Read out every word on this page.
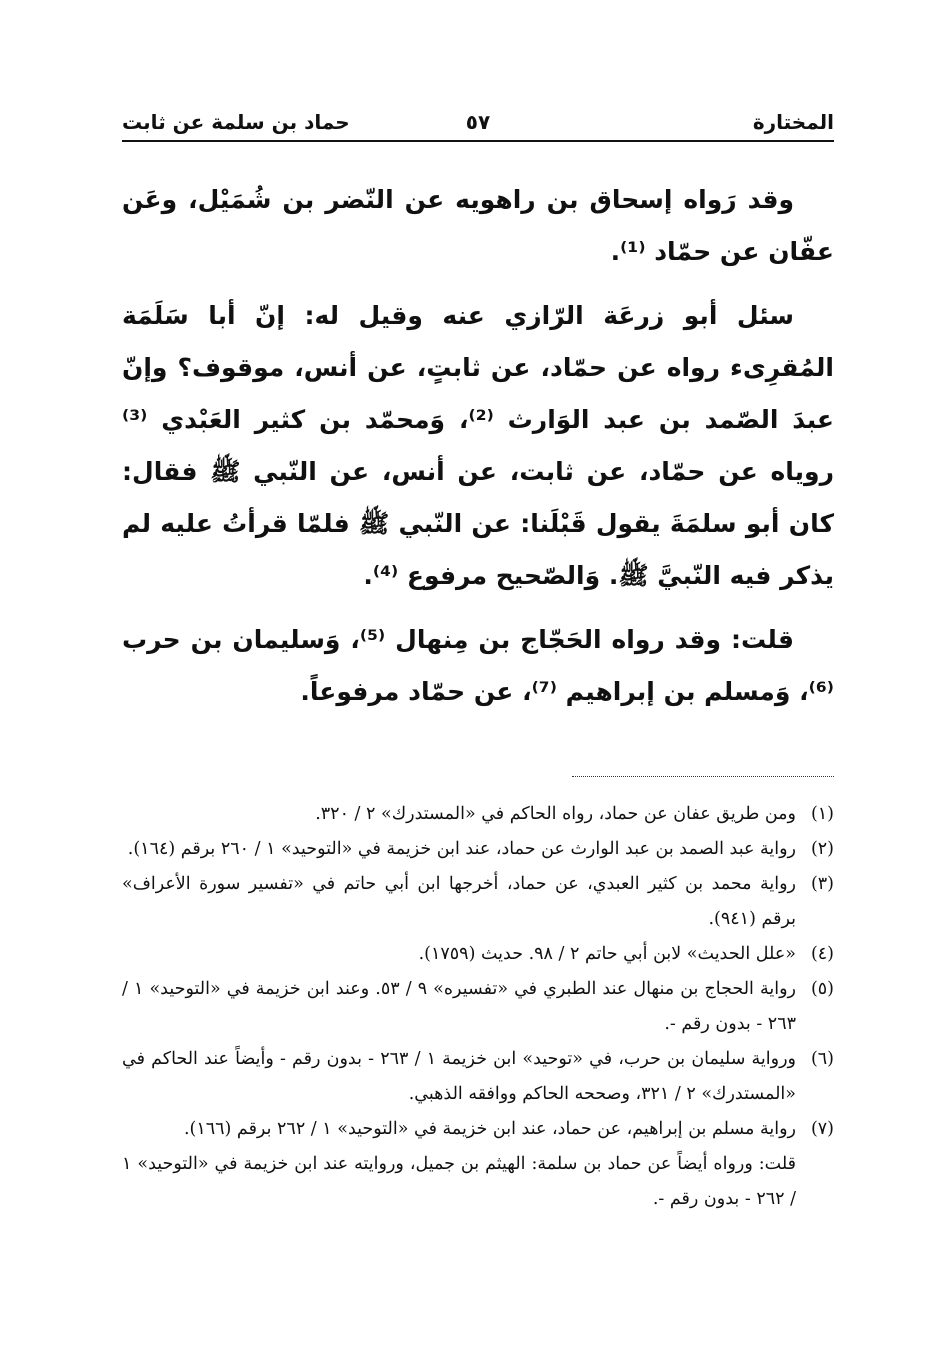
المختارة
٥٧
حماد بن سلمة عن ثابت

وقد رَواه إسحاق بن راهويه عن النّضر بن شُمَيْل، وعَن عفّان عن حمّاد ⁽¹⁾.

سئل أبو زرعَة الرّازي عنه وقيل له: إنّ أبا سَلَمَة المُقرِىء رواه عن حمّاد، عن ثابتٍ، عن أنس، موقوف؟ وإنّ عبدَ الصّمد بن عبد الوَارث ⁽²⁾، وَمحمّد بن كثير العَبْدي ⁽³⁾ روياه عن حمّاد، عن ثابت، عن أنس، عن النّبي ﷺ فقال: كان أبو سلمَةَ يقول قَبْلَنا: عن النّبي ﷺ فلمّا قرأتُ عليه لم يذكر فيه النّبيَّ ﷺ. وَالصّحيح مرفوع ⁽⁴⁾.

قلت: وقد رواه الحَجّاج بن مِنهال ⁽⁵⁾، وَسليمان بن حرب ⁽⁶⁾، وَمسلم بن إبراهيم ⁽⁷⁾، عن حمّاد مرفوعاً.

(١)
ومن طريق عفان عن حماد، رواه الحاكم في «المستدرك» ٢ / ٣٢٠.
(٢)
رواية عبد الصمد بن عبد الوارث عن حماد، عند ابن خزيمة في «التوحيد» ١ / ٢٦٠ برقم (١٦٤).
(٣)
رواية محمد بن كثير العبدي، عن حماد، أخرجها ابن أبي حاتم في «تفسير سورة الأعراف» برقم (٩٤١).
(٤)
«علل الحديث» لابن أبي حاتم ٢ / ٩٨. حديث (١٧٥٩).
(٥)
رواية الحجاج بن منهال عند الطبري في «تفسيره» ٩ / ٥٣. وعند ابن خزيمة في «التوحيد» ١ / ٢٦٣ - بدون رقم -.
(٦)
ورواية سليمان بن حرب، في «توحيد» ابن خزيمة ١ / ٢٦٣ - بدون رقم - وأيضاً عند الحاكم في «المستدرك» ٢ / ٣٢١، وصححه الحاكم ووافقه الذهبي.
(٧)
رواية مسلم بن إبراهيم، عن حماد، عند ابن خزيمة في «التوحيد» ١ / ٢٦٢ برقم (١٦٦).
قلت: ورواه أيضاً عن حماد بن سلمة: الهيثم بن جميل، وروايته عند ابن خزيمة في «التوحيد» ١ / ٢٦٢ - بدون رقم -.
